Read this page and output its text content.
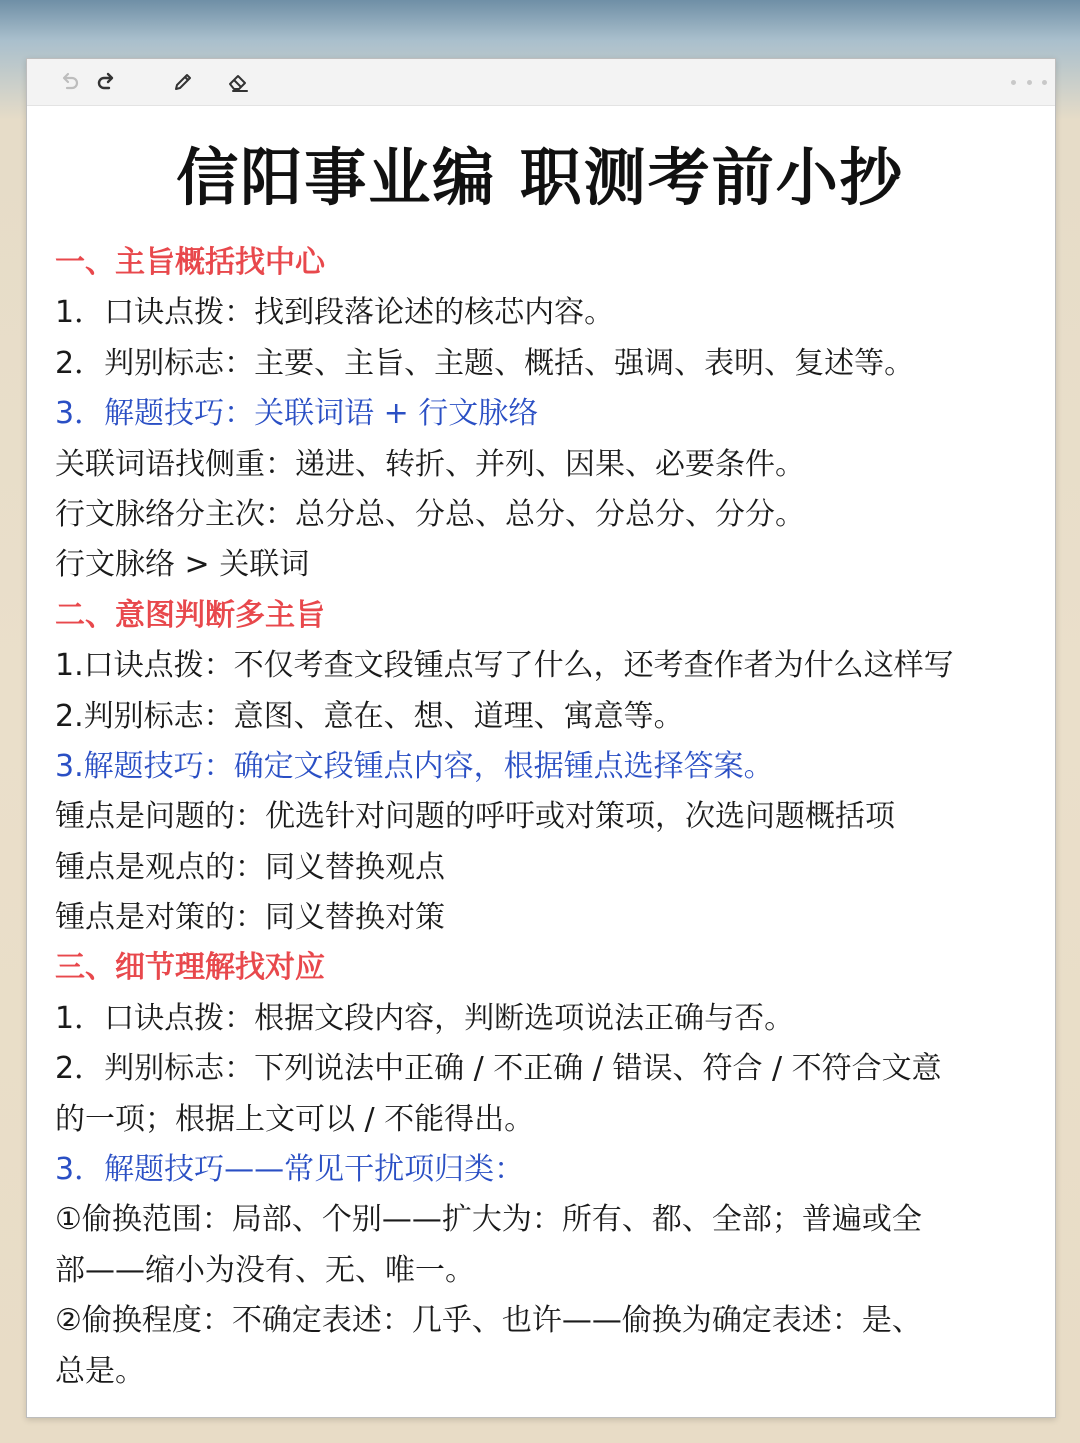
信阳事业编 职测考前小抄
一、主旨概括找中心
1．口诀点拨：找到段落论述的核芯内容。
2．判别标志：主要、主旨、主题、概括、强调、表明、复述等。
3．解题技巧：关联词语 + 行文脉络
关联词语找侧重：递进、转折、并列、因果、必要条件。
行文脉络分主次：总分总、分总、总分、分总分、分分。
行文脉络 > 关联词
二、意图判断多主旨
1.口诀点拨：不仅考查文段锺点写了什么，还考查作者为什么这样写
2.判别标志：意图、意在、想、道理、寓意等。
3.解题技巧：确定文段锺点内容，根据锺点选择答案。
锺点是问题的：优选针对问题的呼吁或对策项，次选问题概括项
锺点是观点的：同义替换观点
锺点是对策的：同义替换对策
三、细节理解找对应
1．口诀点拨：根据文段内容，判断选项说法正确与否。
2．判别标志：下列说法中正确 / 不正确 / 错误、符合 / 不符合文意
的一项；根据上文可以 / 不能得出。
3．解题技巧——常见干扰项归类：
①偷换范围：局部、个别——扩大为：所有、都、全部；普遍或全
部——缩小为没有、无、唯一。
②偷换程度：不确定表述：几乎、也许——偷换为确定表述：是、
总是。
